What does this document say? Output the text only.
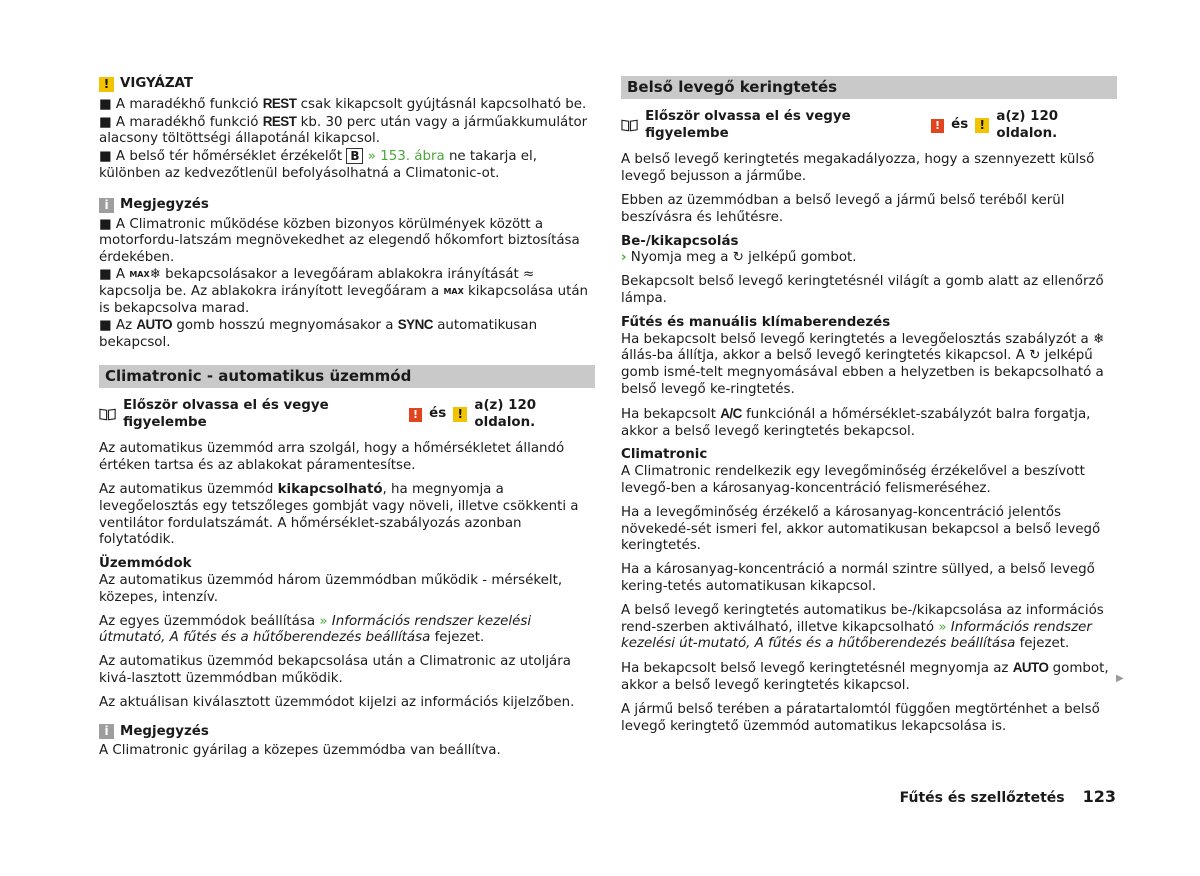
! VIGYÁZAT

■ A maradékhő funkció REST csak kikapcsolt gyújtásnál kapcsolható be.

■ A maradékhő funkció REST kb. 30 perc után vagy a járműakkumulátor alacsony töltöttségi állapotánál kikapcsol.

■ A belső tér hőmérséklet érzékelőt B » 153. ábra ne takarja el, különben az kedvezőtlenül befolyásolhatná a Climatonic-ot.

i Megjegyzés

■ A Climatronic működése közben bizonyos körülmények között a motorfordu-latszám megnövekedhet az elegendő hőkomfort biztosítása érdekében.

■ A MAX❄ bekapcsolásakor a levegőáram ablakokra irányítását ≈ kapcsolja be. Az ablakokra irányított levegőáram a MAX kikapcsolása után is bekapcsolva marad.

■ Az AUTO gomb hosszú megnyomásakor a SYNC automatikusan bekapcsol.

Climatronic - automatikus üzemmód
Először olvassa el és vegye figyelembe
! és !
a(z) 120 oldalon.

Az automatikus üzemmód arra szolgál, hogy a hőmérsékletet állandó értéken tartsa és az ablakokat páramentesítse.

Az automatikus üzemmód kikapcsolható, ha megnyomja a levegőelosztás egy tetszőleges gombját vagy növeli, illetve csökkenti a ventilátor fordulatszámát. A hőmérséklet-szabályozás azonban folytatódik.

Üzemmódok

Az automatikus üzemmód három üzemmódban működik - mérsékelt, közepes, intenzív.

Az egyes üzemmódok beállítása » Információs rendszer kezelési útmutató, A fűtés és a hűtőberendezés beállítása fejezet.

Az automatikus üzemmód bekapcsolása után a Climatronic az utoljára kivá-lasztott üzemmódban működik.

Az aktuálisan kiválasztott üzemmódot kijelzi az információs kijelzőben.

i Megjegyzés

A Climatronic gyárilag a közepes üzemmódba van beállítva.

Belső levegő keringtetés
Először olvassa el és vegye figyelembe
! és !
a(z) 120 oldalon.

A belső levegő keringtetés megakadályozza, hogy a szennyezett külső levegő bejusson a járműbe.

Ebben az üzemmódban a belső levegő a jármű belső teréből kerül beszívásra és lehűtésre.

Be-/kikapcsolás

› Nyomja meg a ↻ jelképű gombot.

Bekapcsolt belső levegő keringtetésnél világít a gomb alatt az ellenőrző lámpa.

Fűtés és manuális klímaberendezés

Ha bekapcsolt belső levegő keringtetés a levegőelosztás szabályzót a ❄ állás-ba állítja, akkor a belső levegő keringtetés kikapcsol. A ↻ jelképű gomb ismé-telt megnyomásával ebben a helyzetben is bekapcsolható a belső levegő ke-ringtetés.

Ha bekapcsolt A/C funkciónál a hőmérséklet-szabályzót balra forgatja, akkor a belső levegő keringtetés bekapcsol.

Climatronic

A Climatronic rendelkezik egy levegőminőség érzékelővel a beszívott levegő-ben a károsanyag-koncentráció felismeréséhez.

Ha a levegőminőség érzékelő a károsanyag-koncentráció jelentős növekedé-sét ismeri fel, akkor automatikusan bekapcsol a belső levegő keringtetés.

Ha a károsanyag-koncentráció a normál szintre süllyed, a belső levegő kering-tetés automatikusan kikapcsol.

A belső levegő keringtetés automatikus be-/kikapcsolása az információs rend-szerben aktiválható, illetve kikapcsolható » Információs rendszer kezelési út-mutató, A fűtés és a hűtőberendezés beállítása fejezet.

Ha bekapcsolt belső levegő keringtetésnél megnyomja az AUTO gombot, akkor a belső levegő keringtetés kikapcsol.

A jármű belső terében a páratartalomtól függően megtörténhet a belső levegő keringtető üzemmód automatikus lekapcsolása is.

▶
Fűtés és szellőztetés 123
